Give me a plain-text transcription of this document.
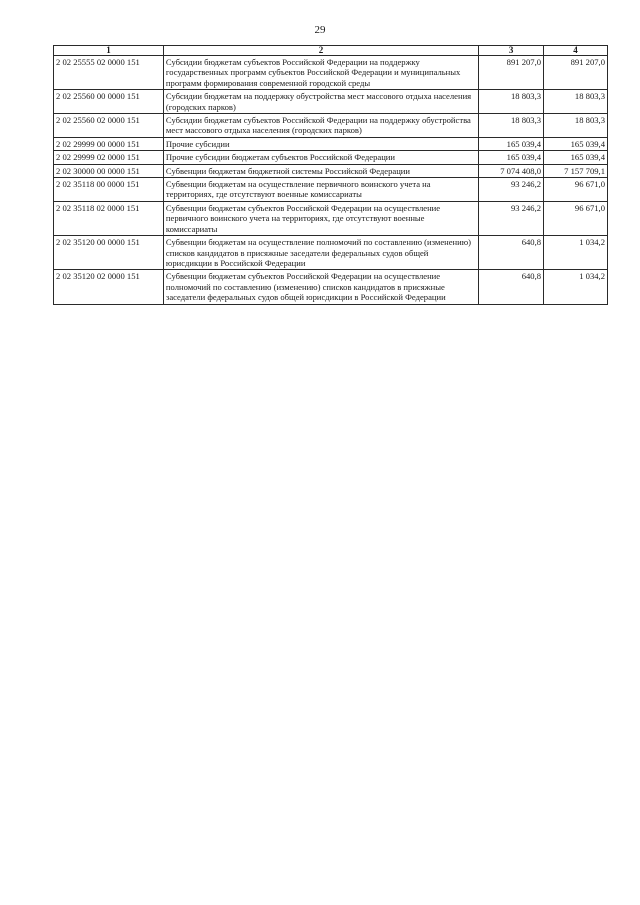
29
1	2	3	4
2 02 25555 02 0000 151	Субсидии бюджетам субъектов Российской Федерации на поддержку государственных программ субъектов Российской Федерации и муниципальных программ формирования современной городской среды	891 207,0	891 207,0
2 02 25560 00 0000 151	Субсидии бюджетам на поддержку обустройства мест массового отдыха населения (городских парков)	18 803,3	18 803,3
2 02 25560 02 0000 151	Субсидии бюджетам субъектов Российской Федерации на поддержку обустройства мест массового отдыха населения (городских парков)	18 803,3	18 803,3
2 02 29999 00 0000 151	Прочие субсидии	165 039,4	165 039,4
2 02 29999 02 0000 151	Прочие субсидии бюджетам субъектов Российской Федерации	165 039,4	165 039,4
2 02 30000 00 0000 151	Субвенции бюджетам бюджетной системы Российской Федерации	7 074 408,0	7 157 709,1
2 02 35118 00 0000 151	Субвенции бюджетам на осуществление первичного воинского учета на территориях, где отсутствуют военные комиссариаты	93 246,2	96 671,0
2 02 35118 02 0000 151	Субвенции бюджетам субъектов Российской Федерации на осуществление первичного воинского учета на территориях, где отсутствуют военные комиссариаты	93 246,2	96 671,0
2 02 35120 00 0000 151	Субвенции бюджетам на осуществление полномочий по составлению (изменению) списков кандидатов в присяжные заседатели федеральных судов общей юрисдикции в Российской Федерации	640,8	1 034,2
2 02 35120 02 0000 151	Субвенции бюджетам субъектов Российской Федерации на осуществление полномочий по составлению (изменению) списков кандидатов в присяжные заседатели федеральных судов общей юрисдикции в Российской Федерации	640,8	1 034,2
